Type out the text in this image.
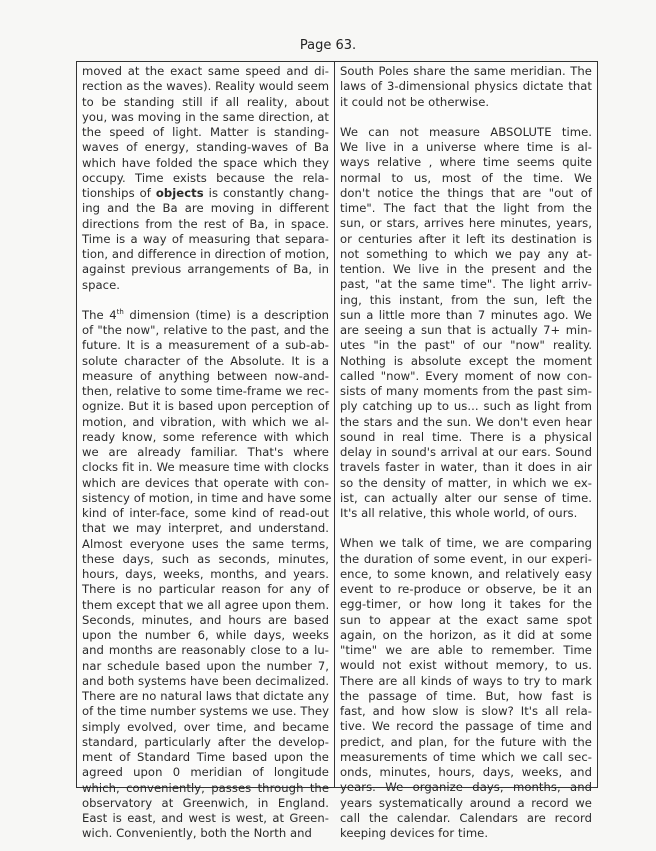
Page 63.
moved at the exact same speed and di-
rection as the waves). Reality would seem
to be standing still if all reality, about
you, was moving in the same direction, at
the speed of light. Matter is standing-
waves of energy, standing-waves of Ba
which have folded the space which they
occupy. Time exists because the rela-
tionships of objects is constantly chang-
ing and the Ba are moving in different
directions from the rest of Ba, in space.
Time is a way of measuring that separa-
tion, and difference in direction of motion,
against previous arrangements of Ba, in
space.
The 4th dimension (time) is a description
of "the now", relative to the past, and the
future. It is a measurement of a sub-ab-
solute character of the Absolute. It is a
measure of anything between now-and-
then, relative to some time-frame we rec-
ognize. But it is based upon perception of
motion, and vibration, with which we al-
ready know, some reference with which
we are already familiar. That's where
clocks fit in. We measure time with clocks
which are devices that operate with con-
sistency of motion, in time and have some
kind of inter-face, some kind of read-out
that we may interpret, and understand.
Almost everyone uses the same terms,
these days, such as seconds, minutes,
hours, days, weeks, months, and years.
There is no particular reason for any of
them except that we all agree upon them.
Seconds, minutes, and hours are based
upon the number 6, while days, weeks
and months are reasonably close to a lu-
nar schedule based upon the number 7,
and both systems have been decimalized.
There are no natural laws that dictate any
of the time number systems we use. They
simply evolved, over time, and became
standard, particularly after the develop-
ment of Standard Time based upon the
agreed upon 0 meridian of longitude
which, conveniently, passes through the
observatory at Greenwich, in England.
East is east, and west is west, at Green-
wich. Conveniently, both the North and
South Poles share the same meridian. The
laws of 3-dimensional physics dictate that
it could not be otherwise.
We can not measure ABSOLUTE time.
We live in a universe where time is al-
ways relative , where time seems quite
normal to us, most of the time. We
don't notice the things that are "out of
time". The fact that the light from the
sun, or stars, arrives here minutes, years,
or centuries after it left its destination is
not something to which we pay any at-
tention. We live in the present and the
past, "at the same time". The light arriv-
ing, this instant, from the sun, left the
sun a little more than 7 minutes ago. We
are seeing a sun that is actually 7+ min-
utes "in the past" of our "now" reality.
Nothing is absolute except the moment
called "now". Every moment of now con-
sists of many moments from the past sim-
ply catching up to us... such as light from
the stars and the sun. We don't even hear
sound in real time. There is a physical
delay in sound's arrival at our ears. Sound
travels faster in water, than it does in air
so the density of matter, in which we ex-
ist, can actually alter our sense of time.
It's all relative, this whole world, of ours.
When we talk of time, we are comparing
the duration of some event, in our experi-
ence, to some known, and relatively easy
event to re-produce or observe, be it an
egg-timer, or how long it takes for the
sun to appear at the exact same spot
again, on the horizon, as it did at some
"time" we are able to remember. Time
would not exist without memory, to us.
There are all kinds of ways to try to mark
the passage of time. But, how fast is
fast, and how slow is slow? It's all rela-
tive. We record the passage of time and
predict, and plan, for the future with the
measurements of time which we call sec-
onds, minutes, hours, days, weeks, and
years. We organize days, months, and
years systematically around a record we
call the calendar. Calendars are record
keeping devices for time.
